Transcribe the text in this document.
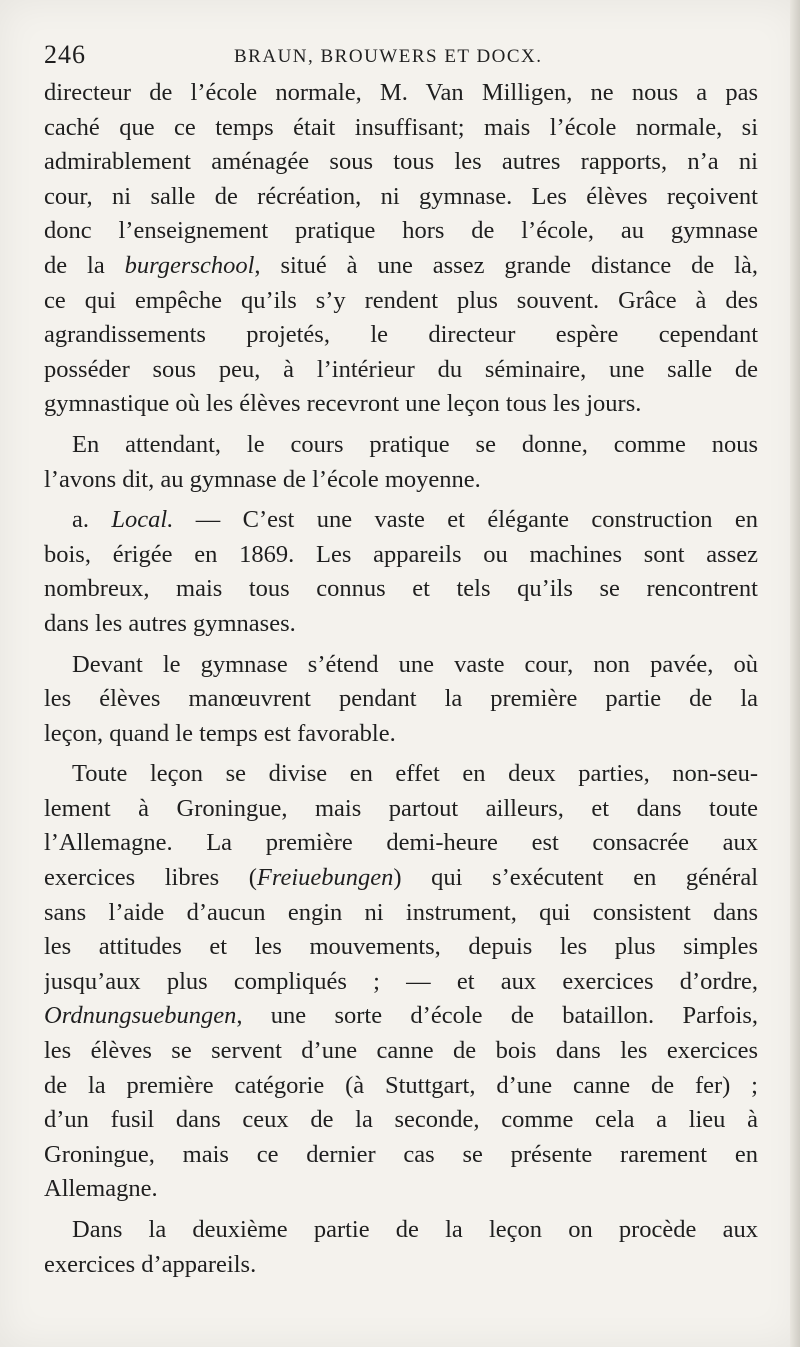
246	BRAUN, BROUWERS ET DOCX.
directeur de l’école normale, M. Van Milligen, ne nous a pas
caché que ce temps était insuffisant; mais l’école normale, si
admirablement aménagée sous tous les autres rapports, n’a ni
cour, ni salle de récréation, ni gymnase. Les élèves reçoivent
donc l’enseignement pratique hors de l’école, au gymnase
de la burgerschool, situé à une assez grande distance de là,
ce qui empêche qu’ils s’y rendent plus souvent. Grâce à des
agrandissements projetés, le directeur espère cependant
posséder sous peu, à l’intérieur du séminaire, une salle de
gymnastique où les élèves recevront une leçon tous les jours.
En attendant, le cours pratique se donne, comme nous
l’avons dit, au gymnase de l’école moyenne.
a. Local. — C’est une vaste et élégante construction en
bois, érigée en 1869. Les appareils ou machines sont assez
nombreux, mais tous connus et tels qu’ils se rencontrent
dans les autres gymnases.
Devant le gymnase s’étend une vaste cour, non pavée, où
les élèves manœuvrent pendant la première partie de la
leçon, quand le temps est favorable.
Toute leçon se divise en effet en deux parties, non-seu-
lement à Groningue, mais partout ailleurs, et dans toute
l’Allemagne. La première demi-heure est consacrée aux
exercices libres (Freiuebungen) qui s’exécutent en général
sans l’aide d’aucun engin ni instrument, qui consistent dans
les attitudes et les mouvements, depuis les plus simples
jusqu’aux plus compliqués ; — et aux exercices d’ordre,
Ordnungsuebungen, une sorte d’école de bataillon. Parfois,
les élèves se servent d’une canne de bois dans les exercices
de la première catégorie (à Stuttgart, d’une canne de fer) ;
d’un fusil dans ceux de la seconde, comme cela a lieu à
Groningue, mais ce dernier cas se présente rarement en
Allemagne.
Dans la deuxième partie de la leçon on procède aux
exercices d’appareils.
